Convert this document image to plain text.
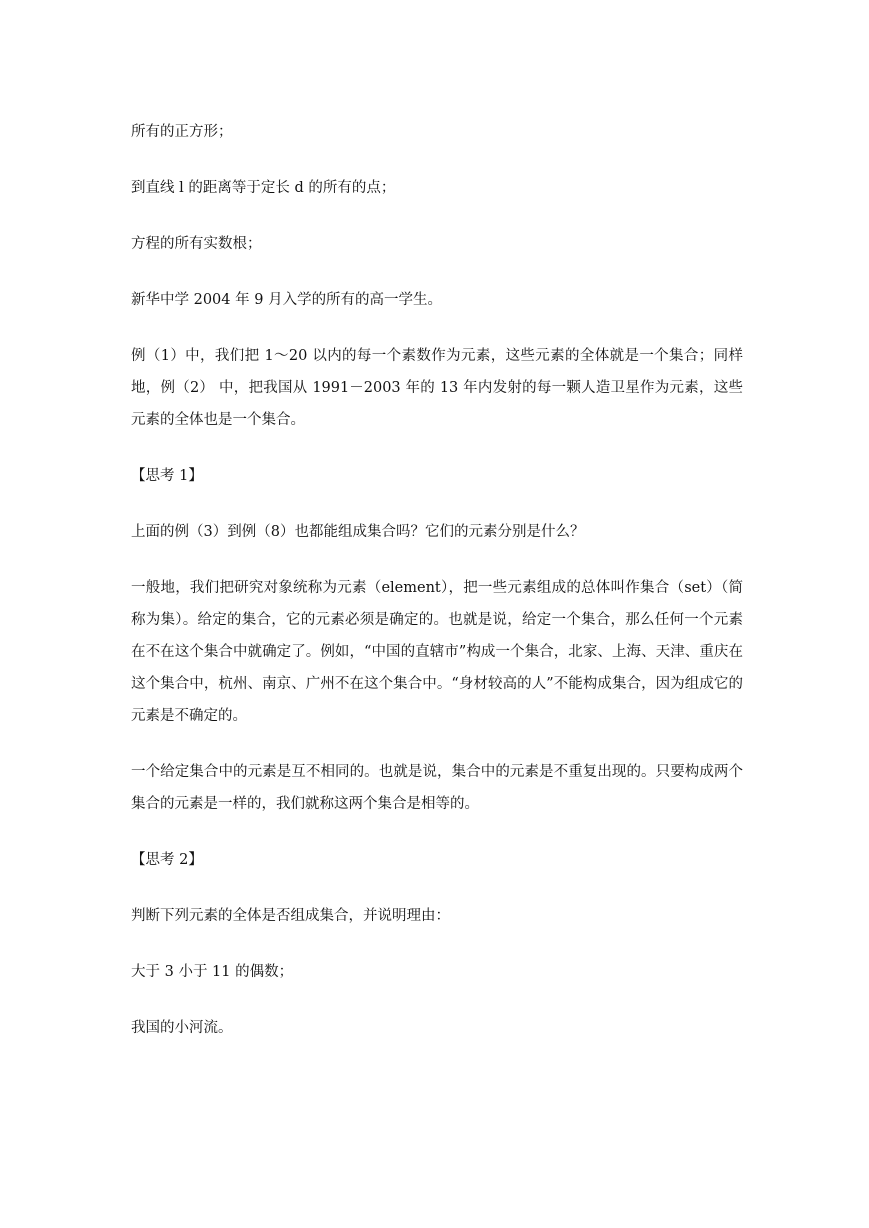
所有的正方形；

到直线 l 的距离等于定长 d 的所有的点；

方程的所有实数根；

新华中学 2004 年 9 月入学的所有的高一学生。

例（1）中，我们把 1～20 以内的每一个素数作为元素，这些元素的全体就是一个集合；同样地，例（2） 中，把我国从 1991－2003 年的 13 年内发射的每一颗人造卫星作为元素，这些元素的全体也是一个集合。

【思考 1】

上面的例（3）到例（8）也都能组成集合吗？它们的元素分别是什么？

一般地，我们把研究对象统称为元素（element），把一些元素组成的总体叫作集合（set）（简称为集）。给定的集合，它的元素必须是确定的。也就是说，给定一个集合，那么任何一个元素在不在这个集合中就确定了。例如，“中国的直辖市”构成一个集合，北家、上海、天津、重庆在这个集合中，杭州、南京、广州不在这个集合中。“身材较高的人”不能构成集合，因为组成它的元素是不确定的。

一个给定集合中的元素是互不相同的。也就是说，集合中的元素是不重复出现的。只要构成两个集合的元素是一样的，我们就称这两个集合是相等的。

【思考 2】

判断下列元素的全体是否组成集合，并说明理由：

大于 3 小于 11 的偶数；

我国的小河流。
